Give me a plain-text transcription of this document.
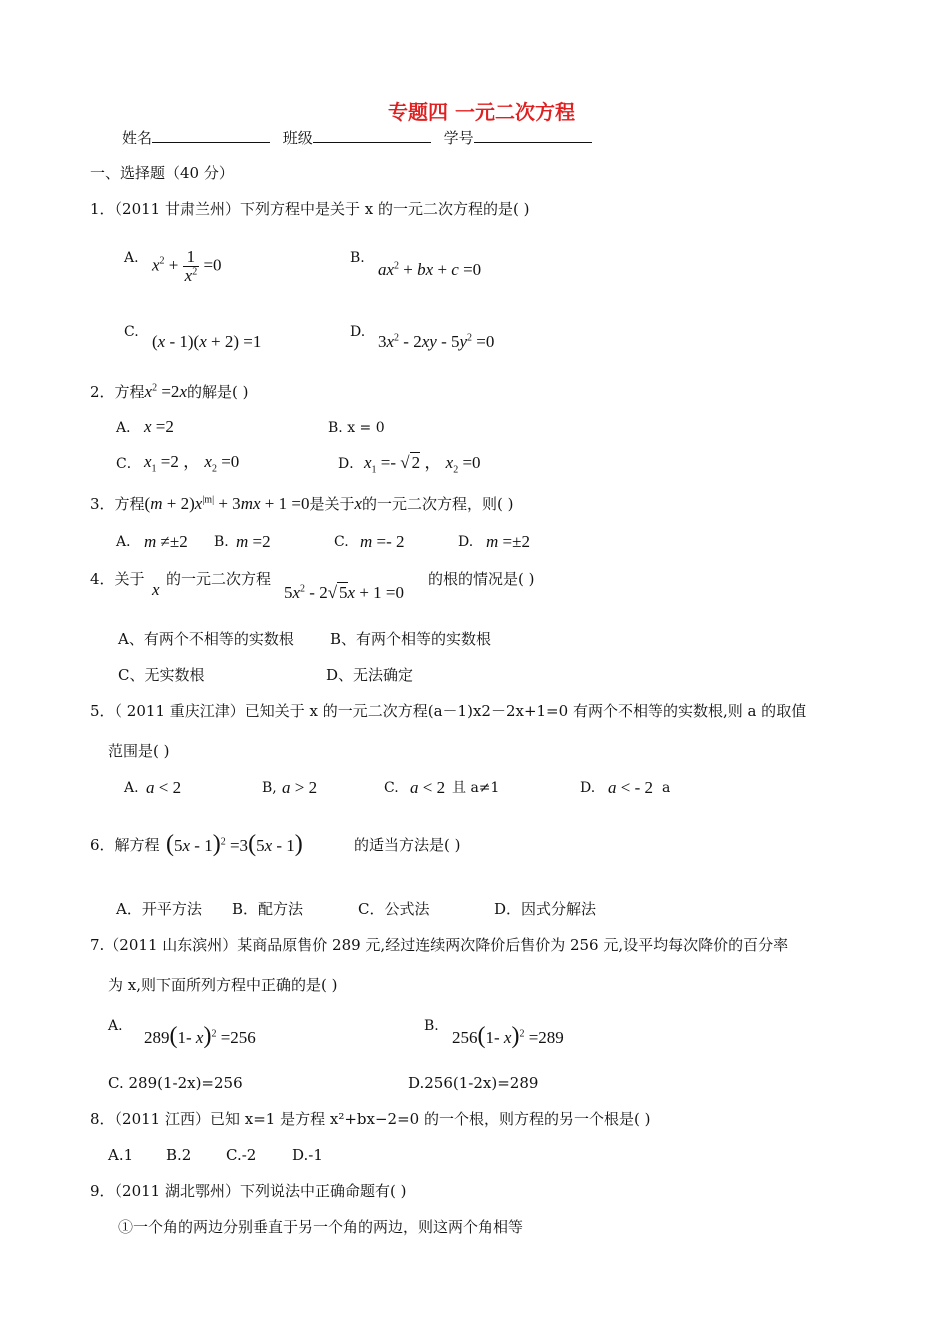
专题四 一元二次方程
姓名	班级	学号
一、选择题（40 分）
1．（2011 甘肃兰州）下列方程中是关于 x 的一元二次方程的是( )
A. $x^2 + \frac{1}{x^2} =0$	B.
$ax^2$ + bx + c =0
C. (x - 1)(x + 2) =1	D. $3x^2 - 2xy - 5y^2 =0$
2．方程$x^2 =2x$的解是( )
A． x =2	B. x = 0
C． $x_1 =2$ ， $x_2 =0$	D． $x_1$ =- √ 2 ， $x_2 =0$
3．方程$(m + 2)x^{|m|} + 3mx + 1 =0$是关于x的一元二次方程，则( )
A． m ≠±2 B. m =2	C. m =- 2	D. m =±2
4．关于
x
的一元二次方程
$5x^2 - 2√$ 5x + 1 =0
的根的情况是( )
A、有两个不相等的实数根 B、有两个相等的实数根
C、无实数根	D、无法确定
5．（ 2011 重庆江津）已知关于 x 的一元二次方程(a－1)x2－2x+1=0 有两个不相等的实数根,则 a 的取值
范围是( )
A. a < 2	B, a > 2	C. a < 2 且 a≠1	D. a < - 2 a
6．解方程 (5x - 1)$^2$ =3(5x - 1)	的适当方法是( )
A．开平方法 B．配方法	C．公式法	D．因式分解法
7.（2011 山东滨州）某商品原售价 289 元,经过连续两次降价后售价为 256 元,设平均每次降价的百分率
为 x,则下面所列方程中正确的是( )
A.
289(1- x)$^2$ =256
B.
256(1- x)$^2$ =289
C. 289(1-2x)=256	D.256(1-2x)=289
8．（2011 江西）已知 x=1 是方程 x²+bx−2=0 的一个根，则方程的另一个根是( )
A.1 B.2 C.-2 D.-1
9．（2011 湖北鄂州）下列说法中正确命题有( )
①一个角的两边分别垂直于另一个角的两边，则这两个角相等
